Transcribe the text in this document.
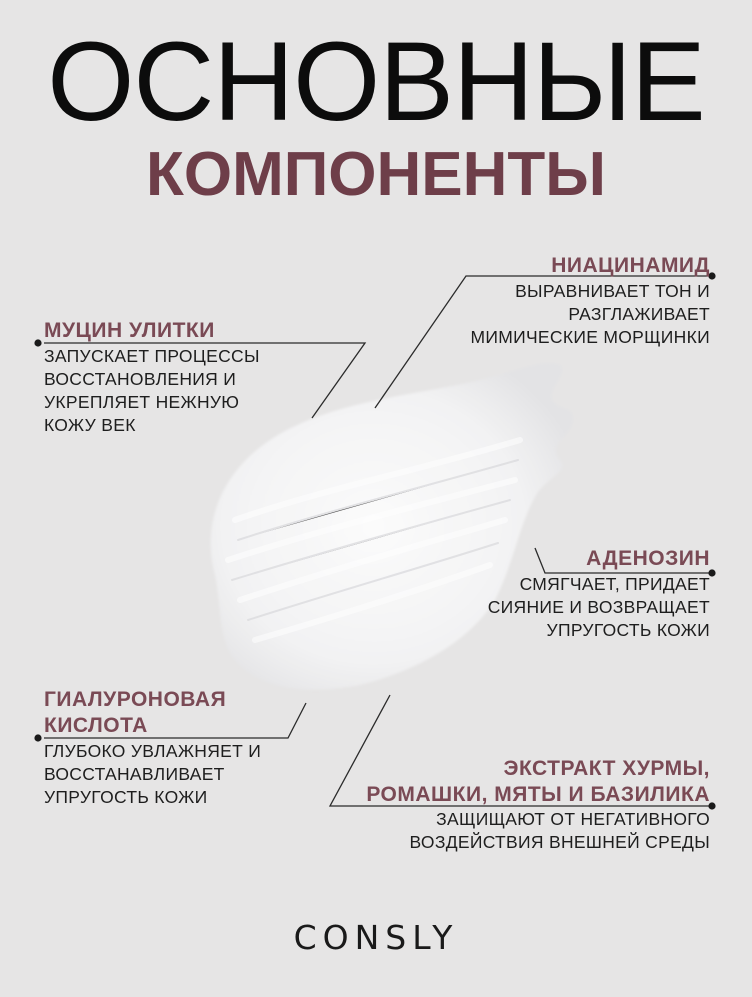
ОСНОВНЫЕ
КОМПОНЕНТЫ
МУЦИН УЛИТКИ
ЗАПУСКАЕТ ПРОЦЕССЫ
ВОССТАНОВЛЕНИЯ И
УКРЕПЛЯЕТ НЕЖНУЮ
КОЖУ ВЕК
НИАЦИНАМИД
ВЫРАВНИВАЕТ ТОН И
РАЗГЛАЖИВАЕТ
МИМИЧЕСКИЕ МОРЩИНКИ
АДЕНОЗИН
СМЯГЧАЕТ, ПРИДАЕТ
СИЯНИЕ И ВОЗВРАЩАЕТ
УПРУГОСТЬ КОЖИ
ГИАЛУРОНОВАЯ
КИСЛОТА
ГЛУБОКО УВЛАЖНЯЕТ И
ВОССТАНАВЛИВАЕТ
УПРУГОСТЬ КОЖИ
ЭКСТРАКТ ХУРМЫ,
РОМАШКИ, МЯТЫ И БАЗИЛИКА
ЗАЩИЩАЮТ ОТ НЕГАТИВНОГО
ВОЗДЕЙСТВИЯ ВНЕШНЕЙ СРЕДЫ
CONSLY
